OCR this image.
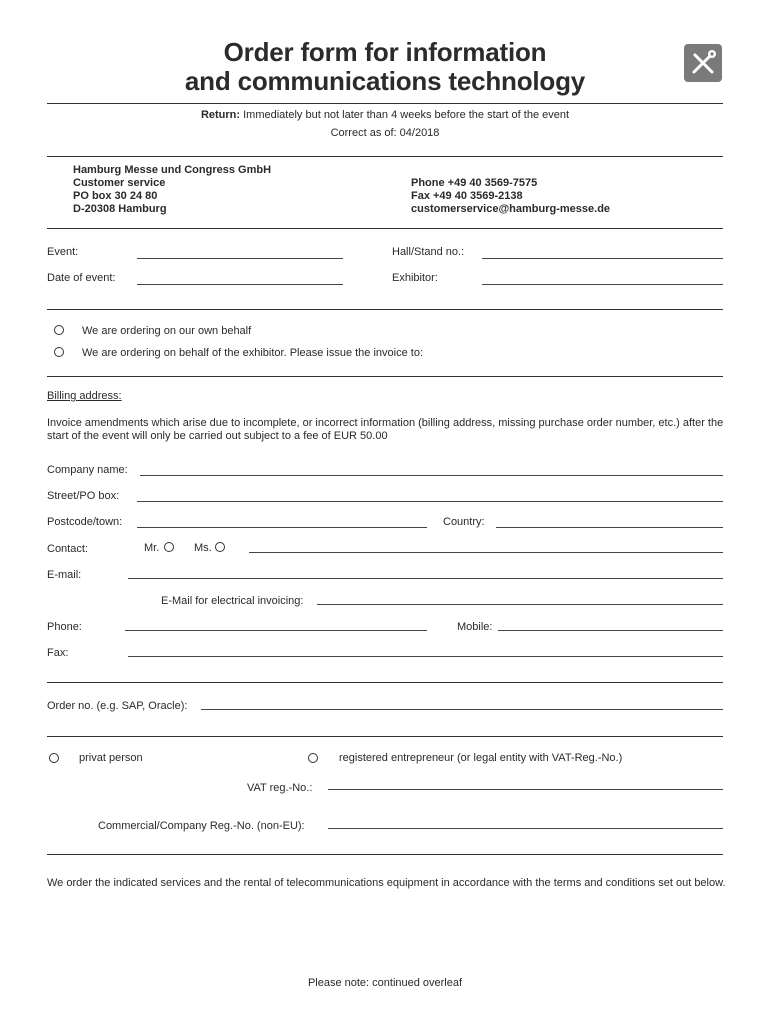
Order form for information
and communications technology
Return: Immediately but not later than 4 weeks before the start of the event
Correct as of: 04/2018
Hamburg Messe und Congress GmbH
Customer service
PO box 30 24 80
D-20308 Hamburg
Phone +49 40 3569-7575
Fax +49 40 3569-2138
customerservice@hamburg-messe.de
Event:	Hall/Stand no.:
Date of event:	Exhibitor:
We are ordering on our own behalf
We are ordering on behalf of the exhibitor. Please issue the invoice to:
Billing address:
Invoice amendments which arise due to incomplete, or incorrect information (billing address, missing purchase order number, etc.) after the start of the event will only be carried out subject to a fee of EUR 50.00
Company name:
Street/PO box:
Postcode/town:	Country:
Contact:	Mr.	Ms.
E-mail:
E-Mail for electrical invoicing:
Phone:	Mobile:
Fax:
Order no. (e.g. SAP, Oracle):
privat person	registered entrepreneur (or legal entity with VAT-Reg.-No.)
VAT reg.-No.:
Commercial/Company Reg.-No. (non-EU):
We order the indicated services and the rental of telecommunications equipment in accordance with the terms and conditions set out below.
Please note: continued overleaf
